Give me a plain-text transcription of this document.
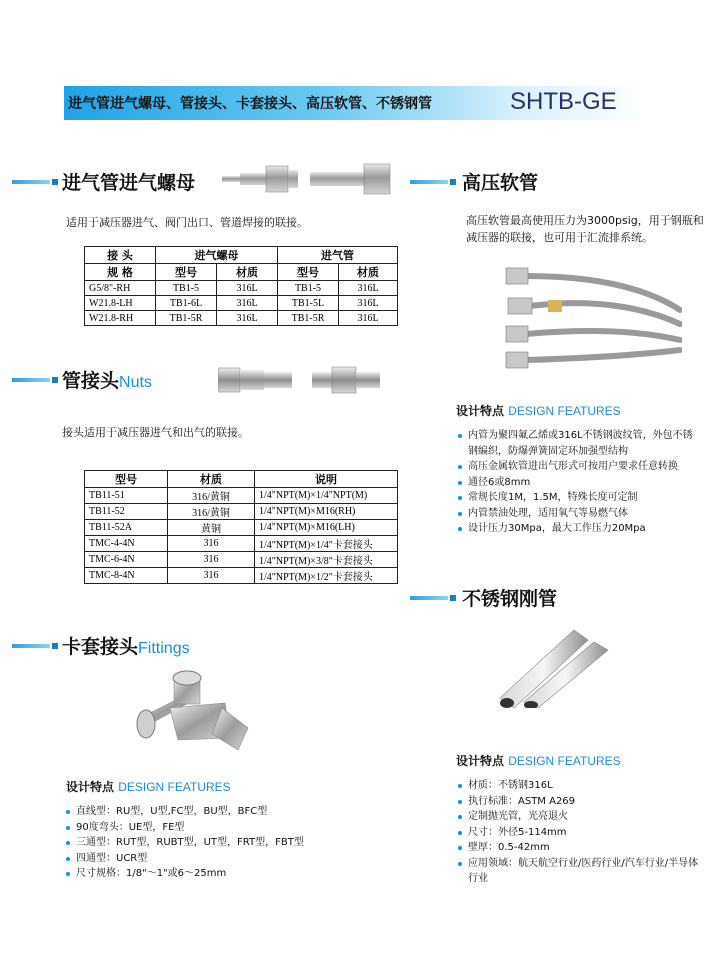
进气管进气螺母、管接头、卡套接头、高压软管、不锈钢管	SHTB-GE
进气管进气螺母
适用于减压器进气、阀门出口、管道焊接的联接。
接 头	进气螺母		进气管	
规 格	型号	材质	型号	材质
G5/8"-RH	TB1-5	316L	TB1-5	316L
W21.8-LH	TB1-6L	316L	TB1-5L	316L
W21.8-RH	TB1-5R	316L	TB1-5R	316L
管接头Nuts
接头适用于减压器进气和出气的联接。
型号	材质	说明
TB11-51	316/黄铜	1/4"NPT(M)×1/4"NPT(M)
TB11-52	316/黄铜	1/4"NPT(M)×M16(RH)
TB11-52A	黄铜	1/4"NPT(M)×M16(LH)
TMC-4-4N	316	1/4"NPT(M)×1/4"卡套接头
TMC-6-4N	316	1/4"NPT(M)×3/8"卡套接头
TMC-8-4N	316	1/4"NPT(M)×1/2"卡套接头
卡套接头Fittings
设计特点 DESIGN FEATURES
直线型：RU型，U型,FC型，BU型，BFC型
90度弯头：UE型，FE型
三通型：RUT型，RUBT型，UT型，FRT型，FBT型
四通型：UCR型
尺寸规格：1/8"～1"或6～25mm
高压软管
高压软管最高使用压力为3000psig，用于钢瓶和减压器的联接，也可用于汇流排系统。
设计特点 DESIGN FEATURES
内管为聚四氟乙烯或316L不锈钢波纹管，外包不锈钢编织，防爆弹簧固定环加强型结构
高压金属软管进出气形式可按用户要求任意转换
通径6或8mm
常规长度1M，1.5M，特殊长度可定制
内管禁油处理，适用氧气等易燃气体
设计压力30Mpa，最大工作压力20Mpa
不锈钢刚管
设计特点 DESIGN FEATURES
材质：不锈钢316L
执行标准：ASTM A269
定制抛光管，光亮退火
尺寸：外径5-114mm
壁厚：0.5-42mm
应用领域：航天航空行业/医药行业/汽车行业/半导体行业
